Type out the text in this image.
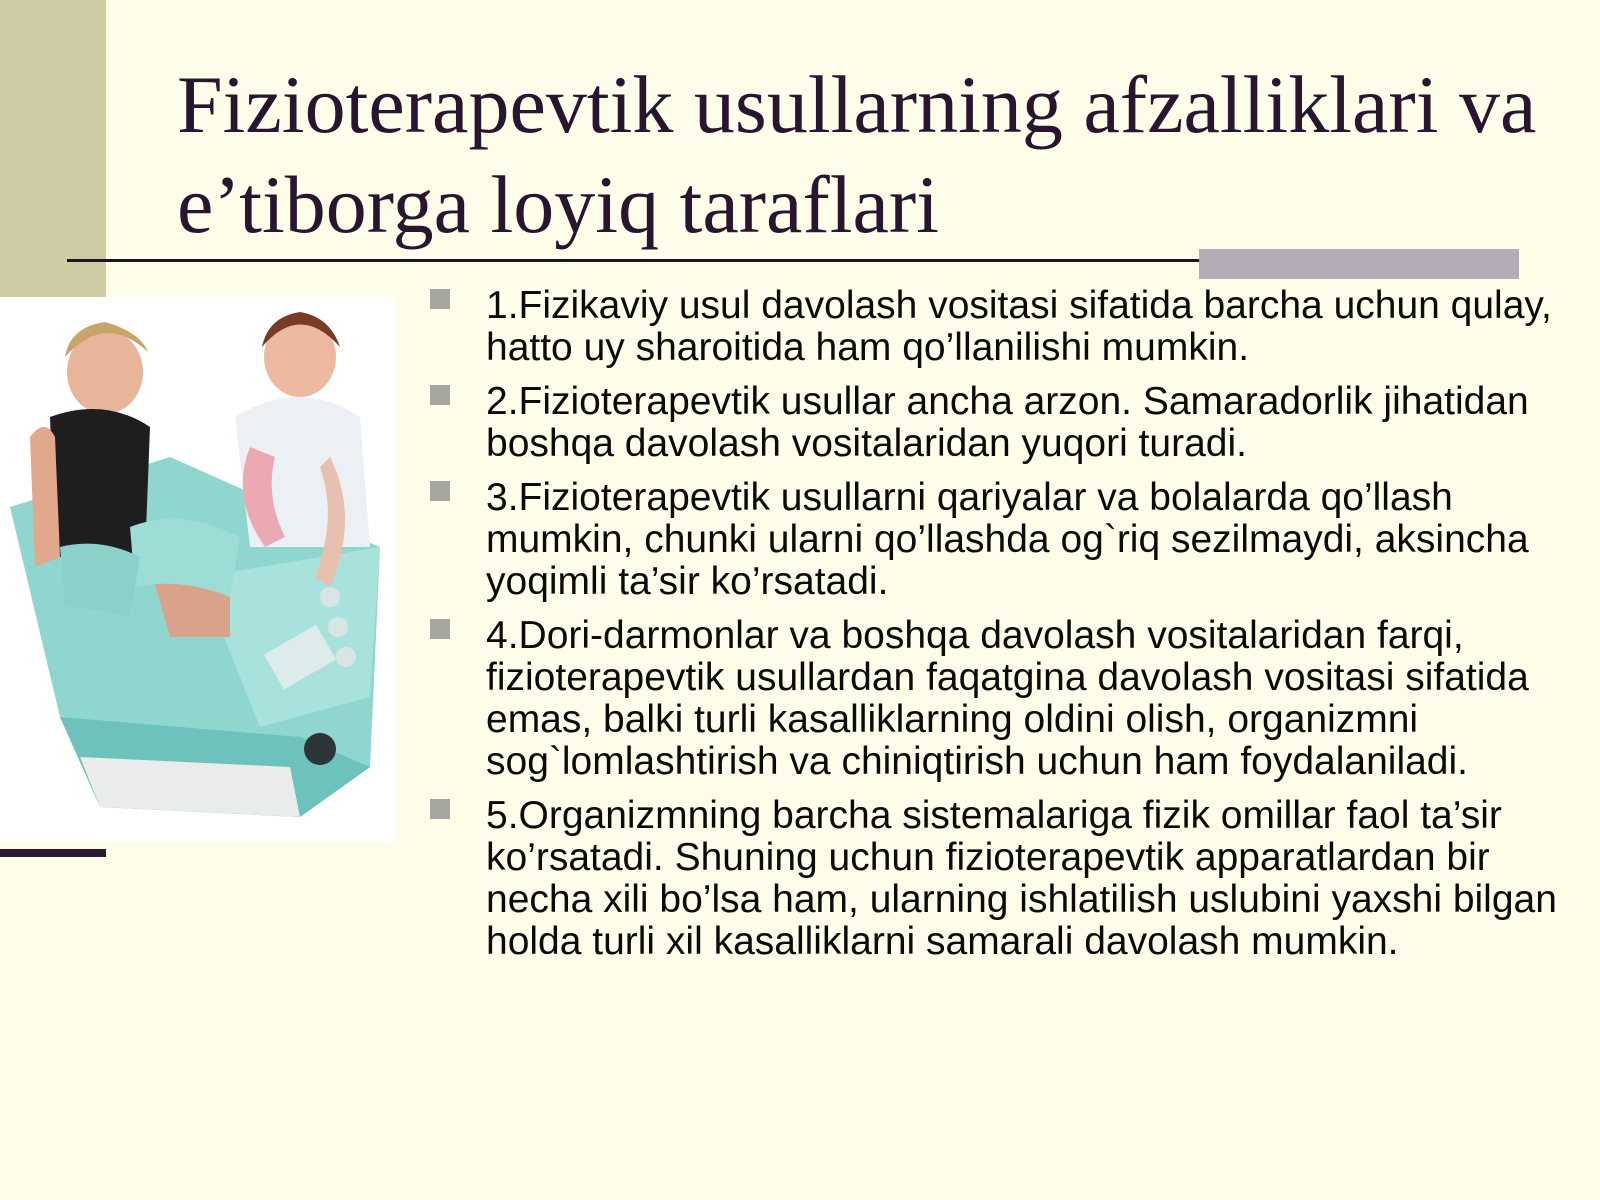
Fizioterapevtik usullarning afzalliklari va e’tiborga loyiq taraflari
1.Fizikaviy usul davolash vositasi sifatida barcha uchun qulay, hatto uy sharoitida ham qo’llanilishi mumkin.
2.Fizioterapevtik usullar ancha arzon. Samaradorlik jihatidan boshqa davolash vositalaridan yuqori turadi.
3.Fizioterapevtik usullarni qariyalar va bolalarda qo’llash mumkin, chunki ularni qo’llashda og`riq sezilmaydi, aksincha yoqimli ta’sir ko’rsatadi.
4.Dori-darmonlar va boshqa davolash vositalaridan farqi, fizioterapevtik usullardan faqatgina davolash vositasi sifatida emas, balki turli kasalliklarning oldini olish, organizmni sog`lomlashtirish va chiniqtirish uchun ham foydalaniladi.
5.Organizmning barcha sistemalariga fizik omillar faol ta’sir ko’rsatadi. Shuning uchun fizioterapevtik apparatlardan bir necha xili bo’lsa ham, ularning ishlatilish uslubini yaxshi bilgan holda turli xil kasalliklarni samarali davolash mumkin.
